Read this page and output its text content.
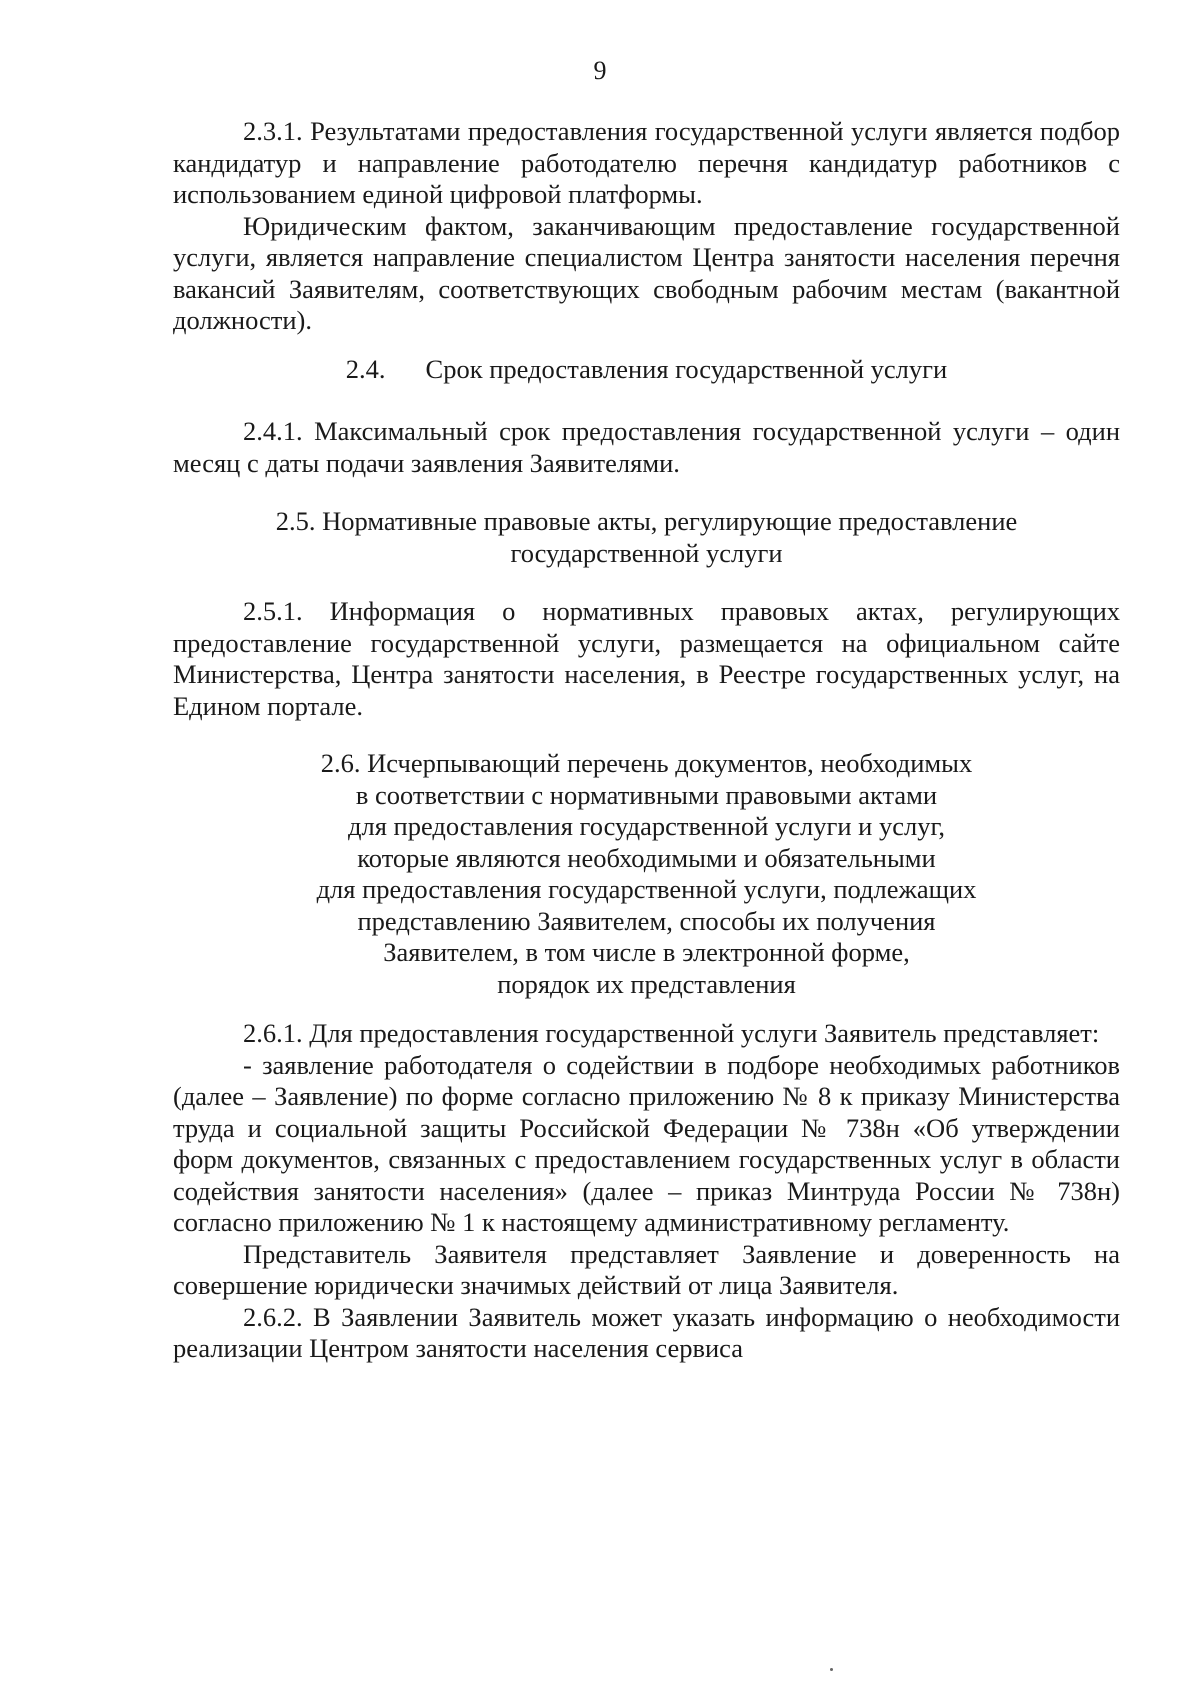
9

2.3.1. Результатами предоставления государственной услуги является подбор кандидатур и направление работодателю перечня кандидатур работников с использованием единой цифровой платформы.

Юридическим фактом, заканчивающим предоставление государственной услуги, является направление специалистом Центра занятости населения перечня вакансий Заявителям, соответствующих свободным рабочим местам (вакантной должности).

2.4. Срок предоставления государственной услуги

2.4.1. Максимальный срок предоставления государственной услуги – один месяц с даты подачи заявления Заявителями.

2.5. Нормативные правовые акты, регулирующие предоставление
государственной услуги

2.5.1. Информация о нормативных правовых актах, регулирующих предоставление государственной услуги, размещается на официальном сайте Министерства, Центра занятости населения, в Реестре государственных услуг, на Едином портале.

2.6. Исчерпывающий перечень документов, необходимых
в соответствии с нормативными правовыми актами
для предоставления государственной услуги и услуг,
которые являются необходимыми и обязательными
для предоставления государственной услуги, подлежащих
представлению Заявителем, способы их получения
Заявителем, в том числе в электронной форме,
порядок их представления

2.6.1. Для предоставления государственной услуги Заявитель представляет:

- заявление работодателя о содействии в подборе необходимых работников (далее – Заявление) по форме согласно приложению № 8 к приказу Министерства труда и социальной защиты Российской Федерации № 738н «Об утверждении форм документов, связанных с предоставлением государственных услуг в области содействия занятости населения» (далее – приказ Минтруда России № 738н) согласно приложению № 1 к настоящему административному регламенту.

Представитель Заявителя представляет Заявление и доверенность на совершение юридически значимых действий от лица Заявителя.

2.6.2. В Заявлении Заявитель может указать информацию о необходимости реализации Центром занятости населения сервиса
